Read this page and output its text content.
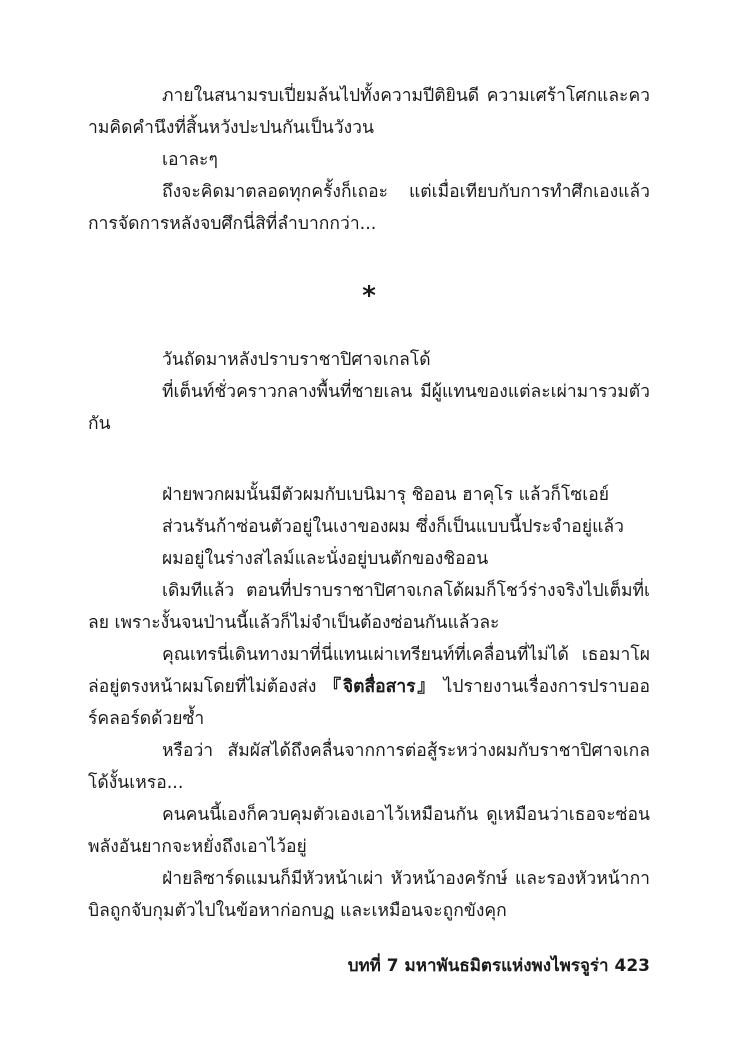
ภายในสนามรบเปี่ยมล้นไปทั้งความปีติยินดี ความเศร้าโศกและความคิดคำนึงที่สิ้นหวังปะปนกันเป็นวังวน

เอาละๆ

ถึงจะคิดมาตลอดทุกครั้งก็เถอะ แต่เมื่อเทียบกับการทำศึกเองแล้ว การจัดการหลังจบศึกนี่สิที่ลำบากกว่า...

*

วันถัดมาหลังปราบราชาปิศาจเกลโด้

ที่เต็นท์ชั่วคราวกลางพื้นที่ชายเลน มีผู้แทนของแต่ละเผ่ามารวมตัวกัน

ฝ่ายพวกผมนั้นมีตัวผมกับเบนิมารุ ชิออน ฮาคุโร แล้วก็โซเอย์

ส่วนรันก้าซ่อนตัวอยู่ในเงาของผม ซึ่งก็เป็นแบบนี้ประจำอยู่แล้ว

ผมอยู่ในร่างสไลม์และนั่งอยู่บนตักของชิออน

เดิมทีแล้ว ตอนที่ปราบราชาปิศาจเกลโด้ผมก็โชว์ร่างจริงไปเต็มที่เลย เพราะงั้นจนป่านนี้แล้วก็ไม่จำเป็นต้องซ่อนกันแล้วละ

คุณเทรนี่เดินทางมาที่นี่แทนเผ่าเทรียนท์ที่เคลื่อนที่ไม่ได้ เธอมาโผล่อยู่ตรงหน้าผมโดยที่ไม่ต้องส่ง 『จิตสื่อสาร』 ไปรายงานเรื่องการปราบออร์คลอร์ดด้วยซ้ำ

หรือว่า สัมผัสได้ถึงคลื่นจากการต่อสู้ระหว่างผมกับราชาปิศาจเกลโด้งั้นเหรอ...

คนคนนี้เองก็ควบคุมตัวเองเอาไว้เหมือนกัน ดูเหมือนว่าเธอจะซ่อนพลังอันยากจะหยั่งถึงเอาไว้อยู่

ฝ่ายลิซาร์ดแมนก็มีหัวหน้าเผ่า หัวหน้าองครักษ์ และรองหัวหน้ากาบิลถูกจับกุมตัวไปในข้อหาก่อกบฏ และเหมือนจะถูกขังคุก

บทที่ 7 มหาพันธมิตรแห่งพงไพรจูร่า 423
